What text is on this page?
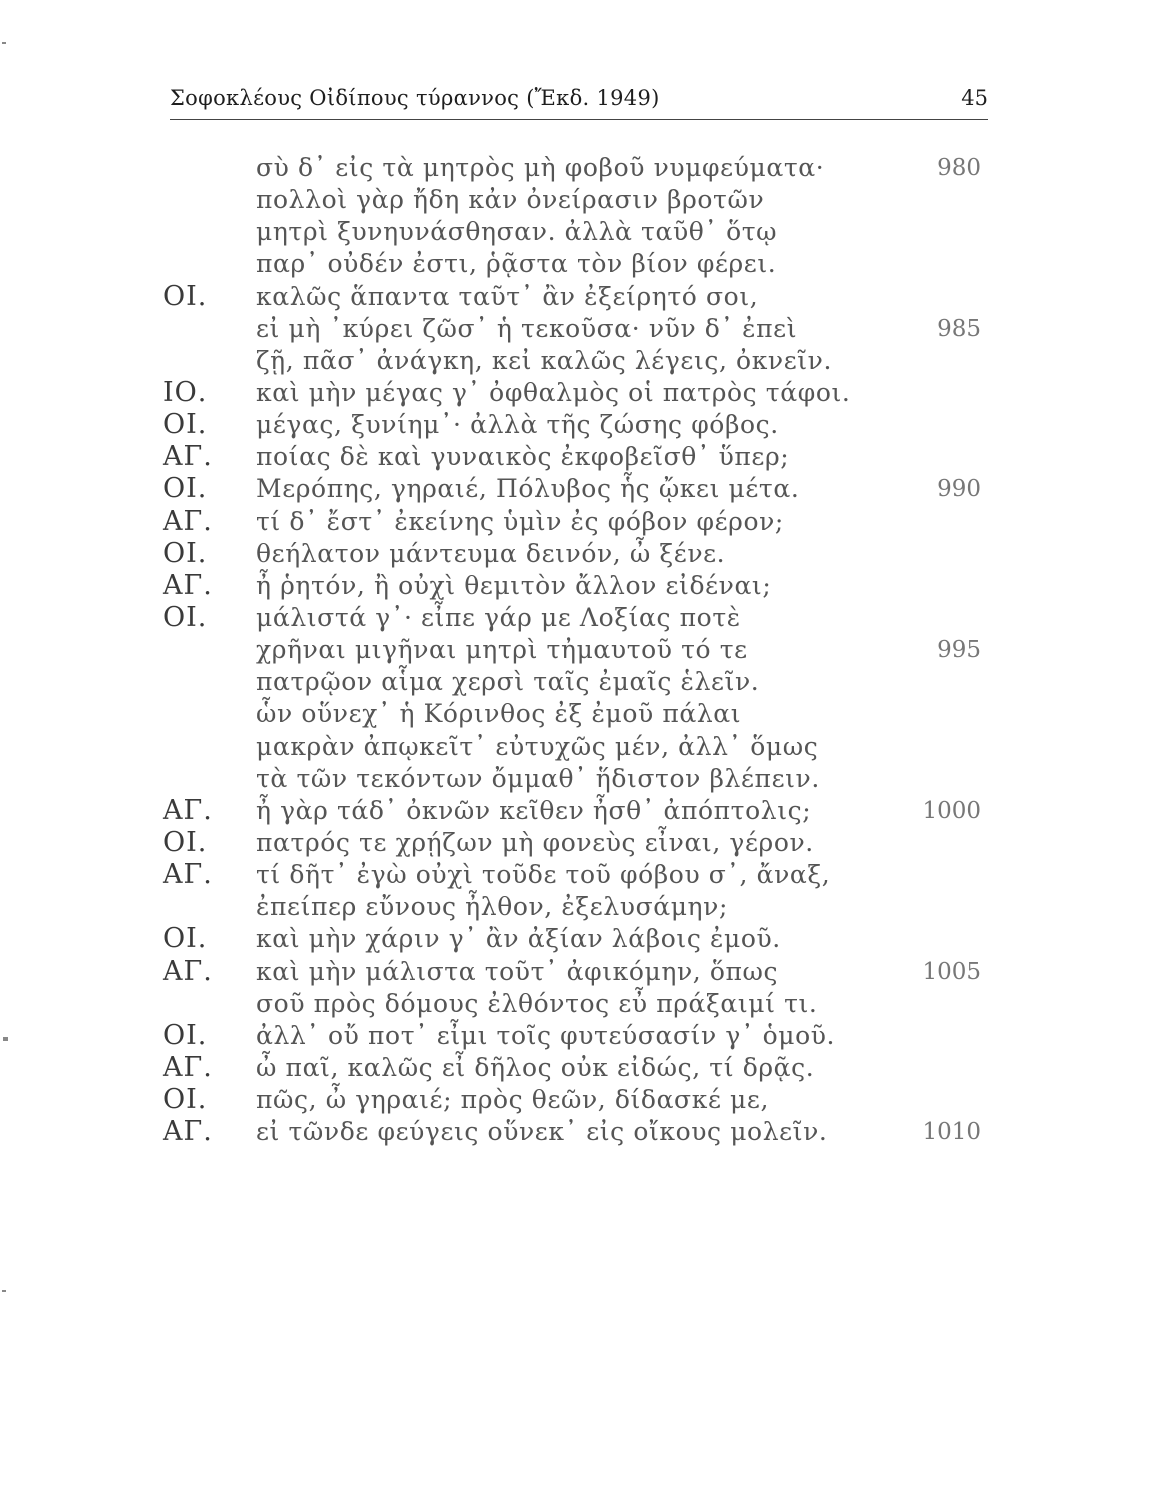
Σοφοκλέους Οἰδίπους τύραννος (Ἔκδ. 1949)	45
σὺ δ᾽ εἰς τὰ μητρὸς μὴ φοβοῦ νυμφεύματα·	980
πολλοὶ γὰρ ἤδη κἀν ὀνείρασιν βροτῶν
μητρὶ ξυνηυνάσθησαν. ἀλλὰ ταῦθ᾽ ὅτῳ
παρ᾽ οὐδέν ἐστι, ῥᾷστα τὸν βίον φέρει.
ΟΙ. καλῶς ἅπαντα ταῦτ᾽ ἂν ἐξείρητό σοι,
εἰ μὴ ᾽κύρει ζῶσ᾽ ἡ τεκοῦσα· νῦν δ᾽ ἐπεὶ	985
ζῇ, πᾶσ᾽ ἀνάγκη, κεἰ καλῶς λέγεις, ὀκνεῖν.
ΙΟ. καὶ μὴν μέγας γ᾽ ὀφθαλμὸς οἱ πατρὸς τάφοι.
ΟΙ. μέγας, ξυνίημ᾽· ἀλλὰ τῆς ζώσης φόβος.
ΑΓ. ποίας δὲ καὶ γυναικὸς ἐκφοβεῖσθ᾽ ὕπερ;
ΟΙ. Μερόπης, γηραιέ, Πόλυβος ἧς ᾤκει μέτα.	990
ΑΓ. τί δ᾽ ἔστ᾽ ἐκείνης ὑμὶν ἐς φόβον φέρον;
ΟΙ. θεήλατον μάντευμα δεινόν, ὦ ξένε.
ΑΓ. ἦ ῥητόν, ἢ οὐχὶ θεμιτὸν ἄλλον εἰδέναι;
ΟΙ. μάλιστά γ᾽· εἶπε γάρ με Λοξίας ποτὲ
χρῆναι μιγῆναι μητρὶ τἠμαυτοῦ τό τε	995
πατρῷον αἷμα χερσὶ ταῖς ἐμαῖς ἑλεῖν.
ὧν οὕνεχ᾽ ἡ Κόρινθος ἐξ ἐμοῦ πάλαι
μακρὰν ἀπῳκεῖτ᾽ εὐτυχῶς μέν, ἀλλ᾽ ὅμως
τὰ τῶν τεκόντων ὄμμαθ᾽ ἥδιστον βλέπειν.
ΑΓ. ἦ γὰρ τάδ᾽ ὀκνῶν κεῖθεν ἦσθ᾽ ἀπόπτολις;	1000
ΟΙ. πατρός τε χρῄζων μὴ φονεὺς εἶναι, γέρον.
ΑΓ. τί δῆτ᾽ ἐγὼ οὐχὶ τοῦδε τοῦ φόβου σ᾽, ἄναξ,
ἐπείπερ εὔνους ἦλθον, ἐξελυσάμην;
ΟΙ. καὶ μὴν χάριν γ᾽ ἂν ἀξίαν λάβοις ἐμοῦ.
ΑΓ. καὶ μὴν μάλιστα τοῦτ᾽ ἀφικόμην, ὅπως	1005
σοῦ πρὸς δόμους ἐλθόντος εὖ πράξαιμί τι.
ΟΙ. ἀλλ᾽ οὔ ποτ᾽ εἶμι τοῖς φυτεύσασίν γ᾽ ὁμοῦ.
ΑΓ. ὦ παῖ, καλῶς εἶ δῆλος οὐκ εἰδώς, τί δρᾷς.
ΟΙ. πῶς, ὦ γηραιέ; πρὸς θεῶν, δίδασκέ με,
ΑΓ. εἰ τῶνδε φεύγεις οὕνεκ᾽ εἰς οἴκους μολεῖν.	1010
